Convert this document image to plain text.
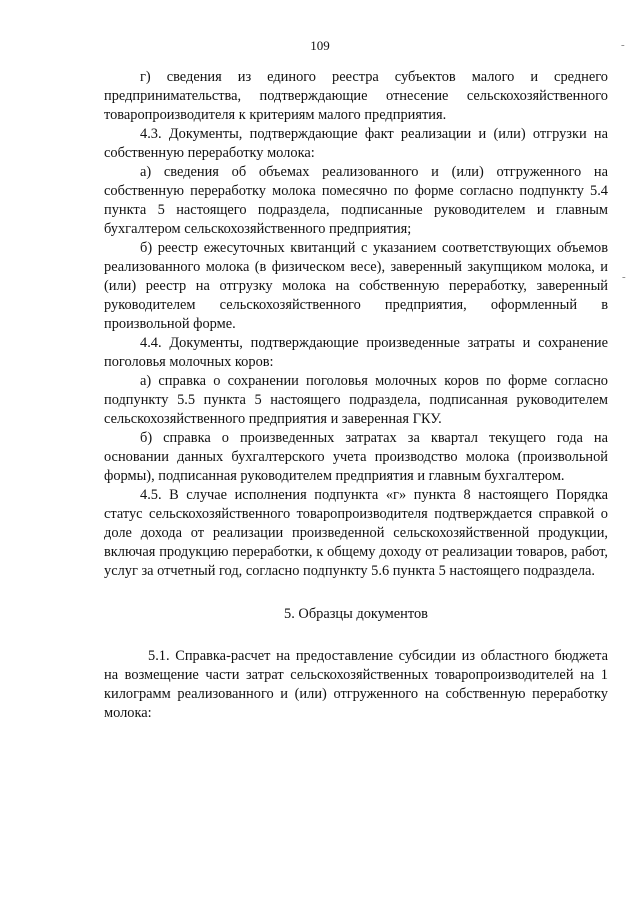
109	-
-

г) сведения из единого реестра субъектов малого и среднего предпринимательства, подтверждающие отнесение сельскохозяйственного товаропроизводителя к критериям малого предприятия.

4.3. Документы, подтверждающие факт реализации и (или) отгрузки на собственную переработку молока:

а) сведения об объемах реализованного и (или) отгруженного на собственную переработку молока помесячно по форме согласно подпункту 5.4 пункта 5 настоящего подраздела, подписанные руководителем и главным бухгалтером сельскохозяйственного предприятия;

б) реестр ежесуточных квитанций с указанием соответствующих объемов реализованного молока (в физическом весе), заверенный закупщиком молока, и (или) реестр на отгрузку молока на собственную переработку, заверенный руководителем сельскохозяйственного предприятия, оформленный в произвольной форме.

4.4. Документы, подтверждающие произведенные затраты и сохранение поголовья молочных коров:

а) справка о сохранении поголовья молочных коров по форме согласно подпункту 5.5 пункта 5 настоящего подраздела, подписанная руководителем сельскохозяйственного предприятия и заверенная ГКУ.

б) справка о произведенных затратах за квартал текущего года на основании данных бухгалтерского учета производство молока (произвольной формы), подписанная руководителем предприятия и главным бухгалтером.

4.5. В случае исполнения подпункта «г» пункта 8 настоящего Порядка статус сельскохозяйственного товаропроизводителя подтверждается справкой о доле дохода от реализации произведенной сельскохозяйственной продукции, включая продукцию переработки, к общему доходу от реализации товаров, работ, услуг за отчетный год, согласно подпункту 5.6 пункта 5 настоящего подраздела.

5. Образцы документов

5.1. Справка-расчет на предоставление субсидии из областного бюджета на возмещение части затрат сельскохозяйственных товаропроизводителей на 1 килограмм реализованного и (или) отгруженного на собственную переработку молока:
